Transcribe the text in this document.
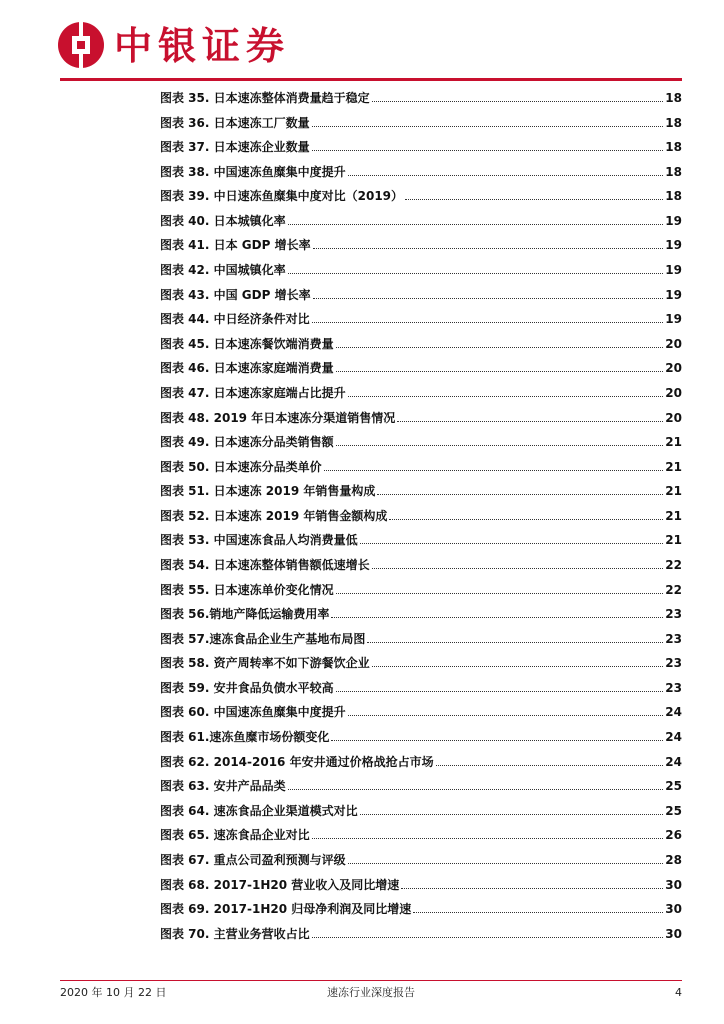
中银证券
图表 35. 日本速冻整体消费量趋于稳定	18
图表 36. 日本速冻工厂数量	18
图表 37. 日本速冻企业数量	18
图表 38. 中国速冻鱼糜集中度提升	18
图表 39. 中日速冻鱼糜集中度对比（2019）	18
图表 40. 日本城镇化率	19
图表 41. 日本 GDP 增长率	19
图表 42. 中国城镇化率	19
图表 43. 中国 GDP 增长率	19
图表 44. 中日经济条件对比	19
图表 45. 日本速冻餐饮端消费量	20
图表 46. 日本速冻家庭端消费量	20
图表 47. 日本速冻家庭端占比提升	20
图表 48. 2019 年日本速冻分渠道销售情况	20
图表 49. 日本速冻分品类销售额	21
图表 50. 日本速冻分品类单价	21
图表 51. 日本速冻 2019 年销售量构成	21
图表 52. 日本速冻 2019 年销售金额构成	21
图表 53. 中国速冻食品人均消费量低	21
图表 54. 日本速冻整体销售额低速增长	22
图表 55. 日本速冻单价变化情况	22
图表 56.销地产降低运输费用率	23
图表 57.速冻食品企业生产基地布局图	23
图表 58. 资产周转率不如下游餐饮企业	23
图表 59. 安井食品负债水平较高	23
图表 60. 中国速冻鱼糜集中度提升	24
图表 61.速冻鱼糜市场份额变化	24
图表 62. 2014-2016 年安井通过价格战抢占市场	24
图表 63. 安井产品品类	25
图表 64. 速冻食品企业渠道模式对比	25
图表 65. 速冻食品企业对比	26
图表 67. 重点公司盈利预测与评级	28
图表 68. 2017-1H20 营业收入及同比增速	30
图表 69. 2017-1H20 归母净利润及同比增速	30
图表 70. 主营业务营收占比	30
2020 年 10 月 22 日	速冻行业深度报告	4
